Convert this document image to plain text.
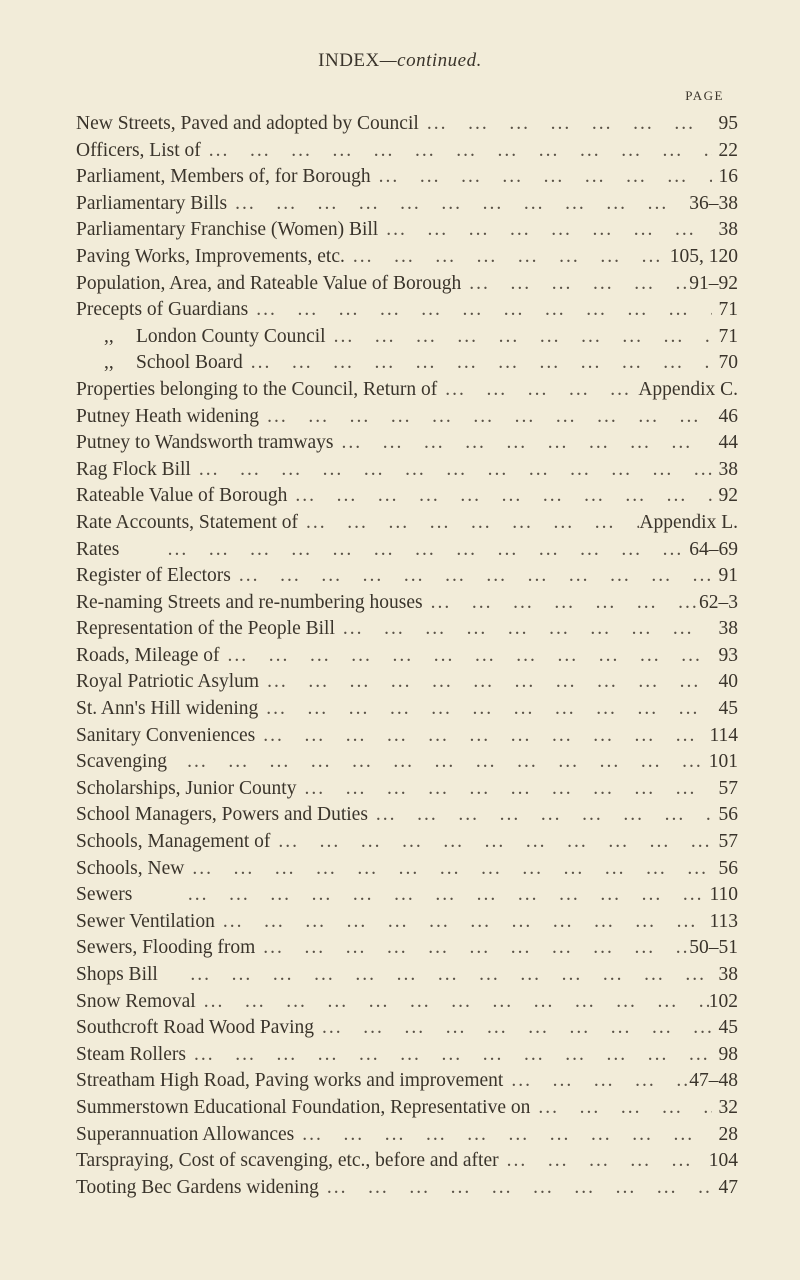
INDEX—continued.
PAGE
New Streets, Paved and adopted by Council ...	95
Officers, List of ...	22
Parliament, Members of, for Borough ...	16
Parliamentary Bills ...	36–38
Parliamentary Franchise (Women) Bill ...	38
Paving Works, Improvements, etc. ...	105, 120
Population, Area, and Rateable Value of Borough ...	91–92
Precepts of Guardians ...	71
,, London County Council ...	71
,, School Board ...	70
Properties belonging to the Council, Return of ...	Appendix C.
Putney Heath widening ...	46
Putney to Wandsworth tramways ...	44
Rag Flock Bill ...	38
Rateable Value of Borough ...	92
Rate Accounts, Statement of ...	Appendix L.
Rates ...	64–69
Register of Electors ...	91
Re-naming Streets and re-numbering houses ...	62–3
Representation of the People Bill ...	38
Roads, Mileage of ...	93
Royal Patriotic Asylum ...	40
St. Ann's Hill widening ...	45
Sanitary Conveniences ...	114
Scavenging ...	101
Scholarships, Junior County ...	57
School Managers, Powers and Duties ...	56
Schools, Management of ...	57
Schools, New ...	56
Sewers ...	110
Sewer Ventilation ...	113
Sewers, Flooding from ...	50–51
Shops Bill ...	38
Snow Removal ...	102
Southcroft Road Wood Paving ...	45
Steam Rollers ...	98
Streatham High Road, Paving works and improvement ...	47–48
Summerstown Educational Foundation, Representative on ...	32
Superannuation Allowances ...	28
Tarspraying, Cost of scavenging, etc., before and after ...	104
Tooting Bec Gardens widening ...	47
